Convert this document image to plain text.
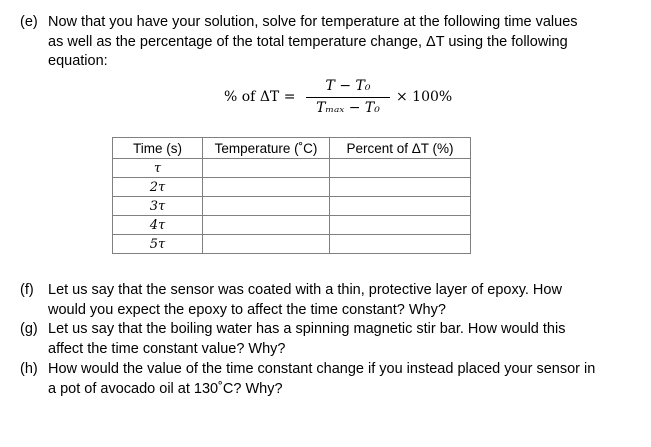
(e) Now that you have your solution, solve for temperature at the following time values
as well as the percentage of the total temperature change, ΔT using the following
equation:
% of ΔT =
T − T₀
Tₘₐₓ − T₀
× 100%
Time (s)	Temperature (˚C)	Percent of ΔT (%)
τ		
2τ		
3τ		
4τ		
5τ		
(f) Let us say that the sensor was coated with a thin, protective layer of epoxy. How
would you expect the epoxy to affect the time constant? Why?
(g) Let us say that the boiling water has a spinning magnetic stir bar. How would this
affect the time constant value? Why?
(h) How would the value of the time constant change if you instead placed your sensor in
a pot of avocado oil at 130˚C? Why?
